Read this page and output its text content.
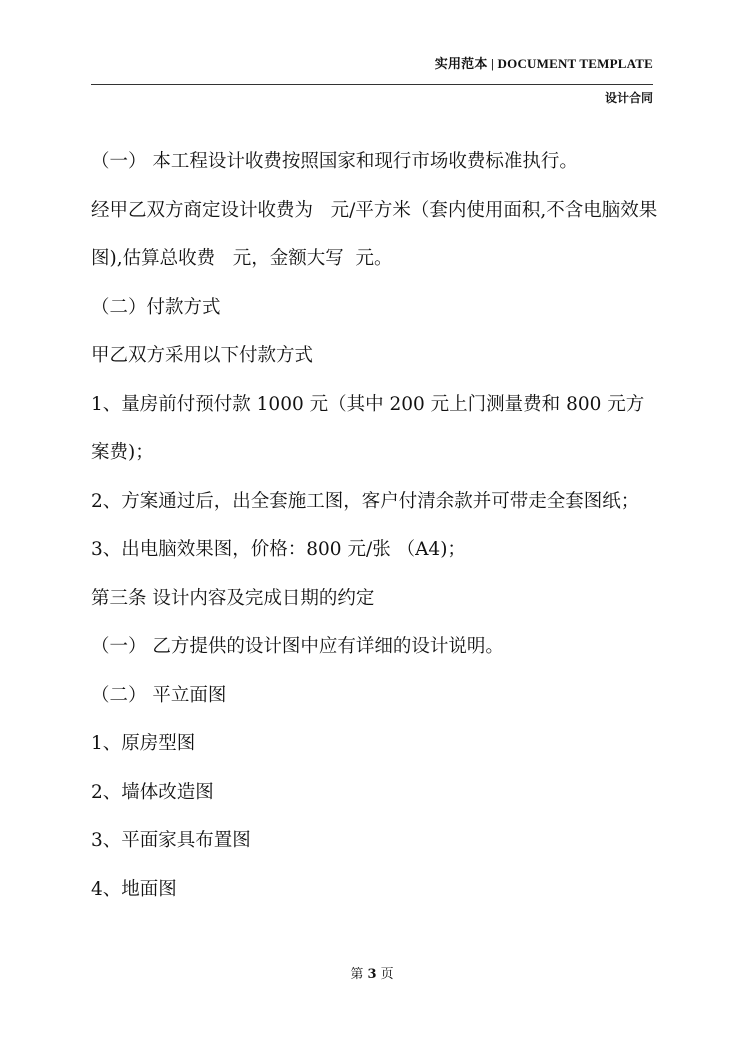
实用范本 | DOCUMENT TEMPLATE
设计合同

（一） 本工程设计收费按照国家和现行市场收费标准执行。

经甲乙双方商定设计收费为   元/平方米（套内使用面积,不含电脑效果图),估算总收费   元，金额大写  元。

（二）付款方式

甲乙双方采用以下付款方式

1、量房前付预付款 1000 元（其中 200 元上门测量费和 800 元方案费)；

2、方案通过后，出全套施工图，客户付清余款并可带走全套图纸；

3、出电脑效果图，价格：800 元/张 （A4)；

第三条 设计内容及完成日期的约定

（一） 乙方提供的设计图中应有详细的设计说明。

（二） 平立面图

1、原房型图

2、墙体改造图

3、平面家具布置图

4、地面图

第 3 页
